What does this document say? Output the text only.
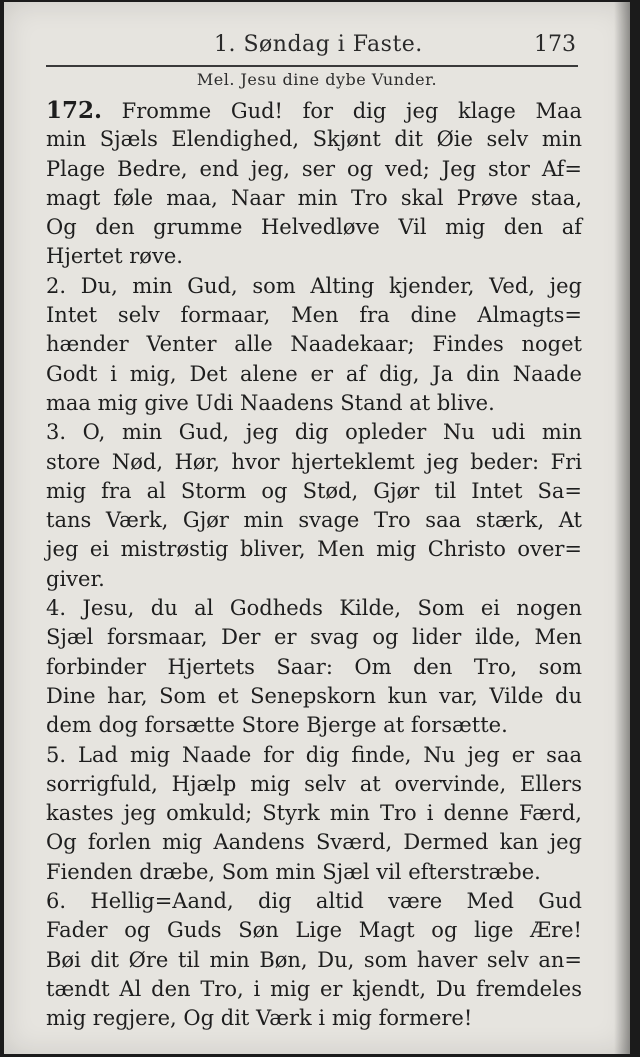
1. Søndag i Faste.	173
Mel. Jesu dine dybe Vunder.
172. Fromme Gud! for dig jeg klage Maa
min Sjæls Elendighed, Skjønt dit Øie selv min
Plage Bedre, end jeg, ser og ved; Jeg stor Af=
magt føle maa, Naar min Tro skal Prøve staa,
Og den grumme Helvedløve Vil mig den af
Hjertet røve.
2. Du, min Gud, som Alting kjender, Ved, jeg
Intet selv formaar, Men fra dine Almagts=
hænder Venter alle Naadekaar; Findes noget
Godt i mig, Det alene er af dig, Ja din Naade
maa mig give Udi Naadens Stand at blive.
3. O, min Gud, jeg dig opleder Nu udi min
store Nød, Hør, hvor hjerteklemt jeg beder: Fri
mig fra al Storm og Stød, Gjør til Intet Sa=
tans Værk, Gjør min svage Tro saa stærk, At
jeg ei mistrøstig bliver, Men mig Christo over=
giver.
4. Jesu, du al Godheds Kilde, Som ei nogen
Sjæl forsmaar, Der er svag og lider ilde, Men
forbinder Hjertets Saar: Om den Tro, som
Dine har, Som et Senepskorn kun var, Vilde du
dem dog forsætte Store Bjerge at forsætte.
5. Lad mig Naade for dig finde, Nu jeg er saa
sorrigfuld, Hjælp mig selv at overvinde, Ellers
kastes jeg omkuld; Styrk min Tro i denne Færd,
Og forlen mig Aandens Sværd, Dermed kan jeg
Fienden dræbe, Som min Sjæl vil efterstræbe.
6. Hellig=Aand, dig altid være Med Gud
Fader og Guds Søn Lige Magt og lige Ære!
Bøi dit Øre til min Bøn, Du, som haver selv an=
tændt Al den Tro, i mig er kjendt, Du fremdeles
mig regjere, Og dit Værk i mig formere!
